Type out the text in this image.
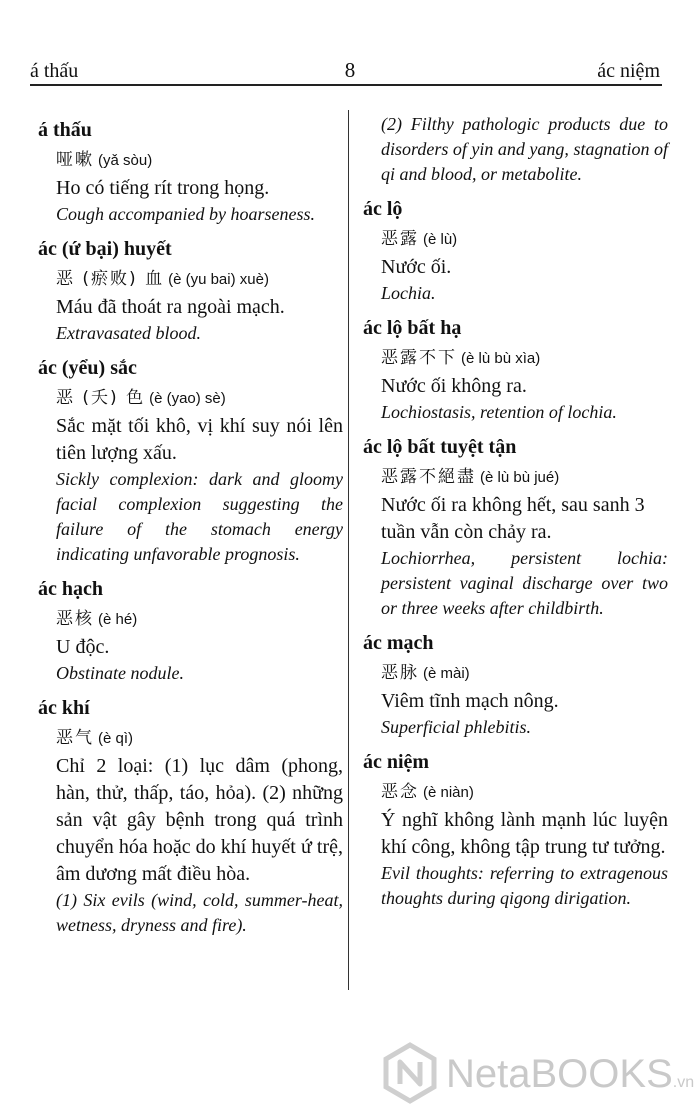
á thấu	8	ác niệm
á thấu
哑嗽 (yǎ sòu)
Ho có tiếng rít trong họng.
Cough accompanied by hoarseness.
ác (ứ bại) huyết
恶 (瘀败) 血 (è (yu bai) xuè)
Máu đã thoát ra ngoài mạch.
Extravasated blood.
ác (yểu) sắc
恶 (夭) 色 (è (yao) sè)
Sắc mặt tối khô, vị khí suy nói lên tiên lượng xấu.
Sickly complexion: dark and gloomy facial complexion suggesting the failure of the stomach energy indicating unfavorable prognosis.
ác hạch
恶核 (è hé)
U độc.
Obstinate nodule.
ác khí
恶气 (è qì)
Chỉ 2 loại: (1) lục dâm (phong, hàn, thử, thấp, táo, hỏa). (2) những sản vật gây bệnh trong quá trình chuyển hóa hoặc do khí huyết ứ trệ, âm dương mất điều hòa.
(1) Six evils (wind, cold, summer-heat, wetness, dryness and fire).
(2) Filthy pathologic products due to disorders of yin and yang, stagnation of qi and blood, or metabolite.
ác lộ
恶露 (è lù)
Nước ối.
Lochia.
ác lộ bất hạ
恶露不下 (è lù bù xìa)
Nước ối không ra.
Lochiostasis, retention of lochia.
ác lộ bất tuyệt tận
恶露不絕盡 (è lù bù jué)
Nước ối ra không hết, sau sanh 3 tuần vẫn còn chảy ra.
Lochiorrhea, persistent lochia: persistent vaginal discharge over two or three weeks after childbirth.
ác mạch
恶脉 (è mài)
Viêm tĩnh mạch nông.
Superficial phlebitis.
ác niệm
恶念 (è niàn)
Ý nghĩ không lành mạnh lúc luyện khí công, không tập trung tư tưởng.
Evil thoughts: referring to extragenous thoughts during qigong dirigation.
NetaBOOKS.vn
